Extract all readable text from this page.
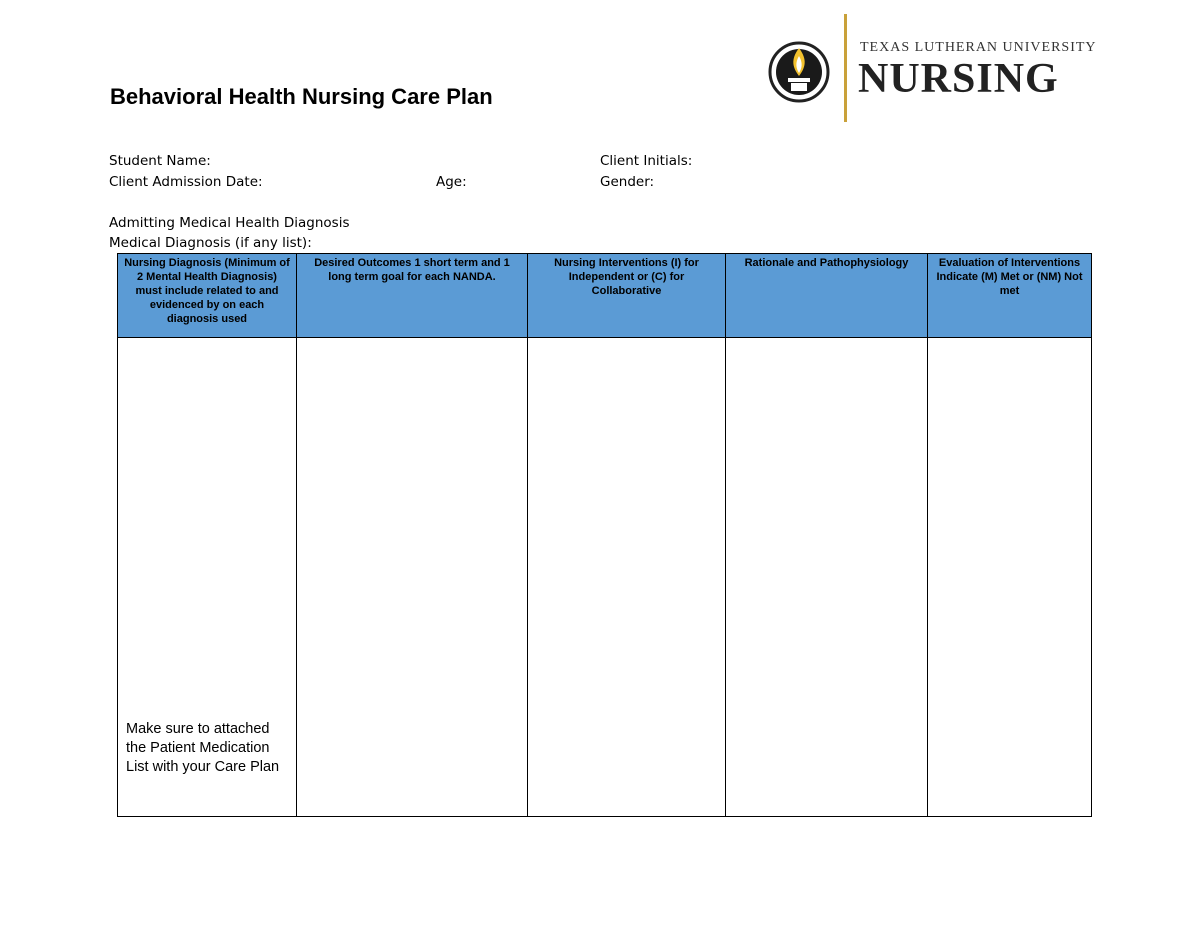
TEXAS LUTHERAN UNIVERSITY
NURSING
Behavioral Health Nursing Care Plan
Student Name:	Client Initials:
Client Admission Date:	Age:	Gender:
Admitting Medical Health Diagnosis
Medical Diagnosis (if any list):
Nursing Diagnosis (Minimum of 2 Mental Health Diagnosis) must include related to and evidenced by on each diagnosis used	Desired Outcomes 1 short term and 1 long term goal for each NANDA.	Nursing Interventions (I) for Independent or (C) for Collaborative	Rationale and Pathophysiology	Evaluation of Interventions Indicate (M) Met or (NM) Not met

Make sure to attached the Patient Medication List with your Care Plan				
